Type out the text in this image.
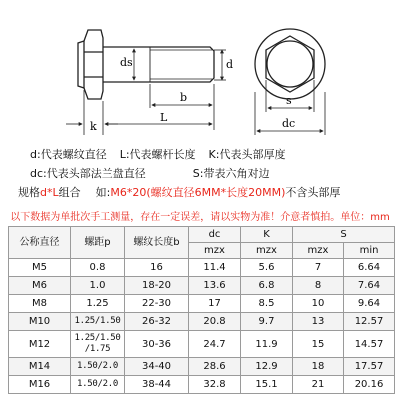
ds	d
b
k
L
s
dc
d:代表螺纹直径 L:代表螺杆长度 K:代表头部厚度
dc:代表头部法兰盘直径	S:带表六角对边
规格d*L组合 如:M6*20(螺纹直径6MM*长度20MM)不含头部厚
以下数据为单批次手工测量，存在一定误差，请以实物为准！介意者慎拍。单位：mm
公称直径	螺距p	螺纹长度b	dc	K	S	
			mzx	mzx	mzx	min
M5	0.8	16	11.4	5.6	7	6.64
M6	1.0	18-20	13.6	6.8	8	7.64
M8	1.25	22-30	17	8.5	10	9.64
M10	1.25/1.50	26-32	20.8	9.7	13	12.57
M12	1.25/1.50
/1.75	30-36	24.7	11.9	15	14.57
M14	1.50/2.0	34-40	28.6	12.9	18	17.57
M16	1.50/2.0	38-44	32.8	15.1	21	20.16
